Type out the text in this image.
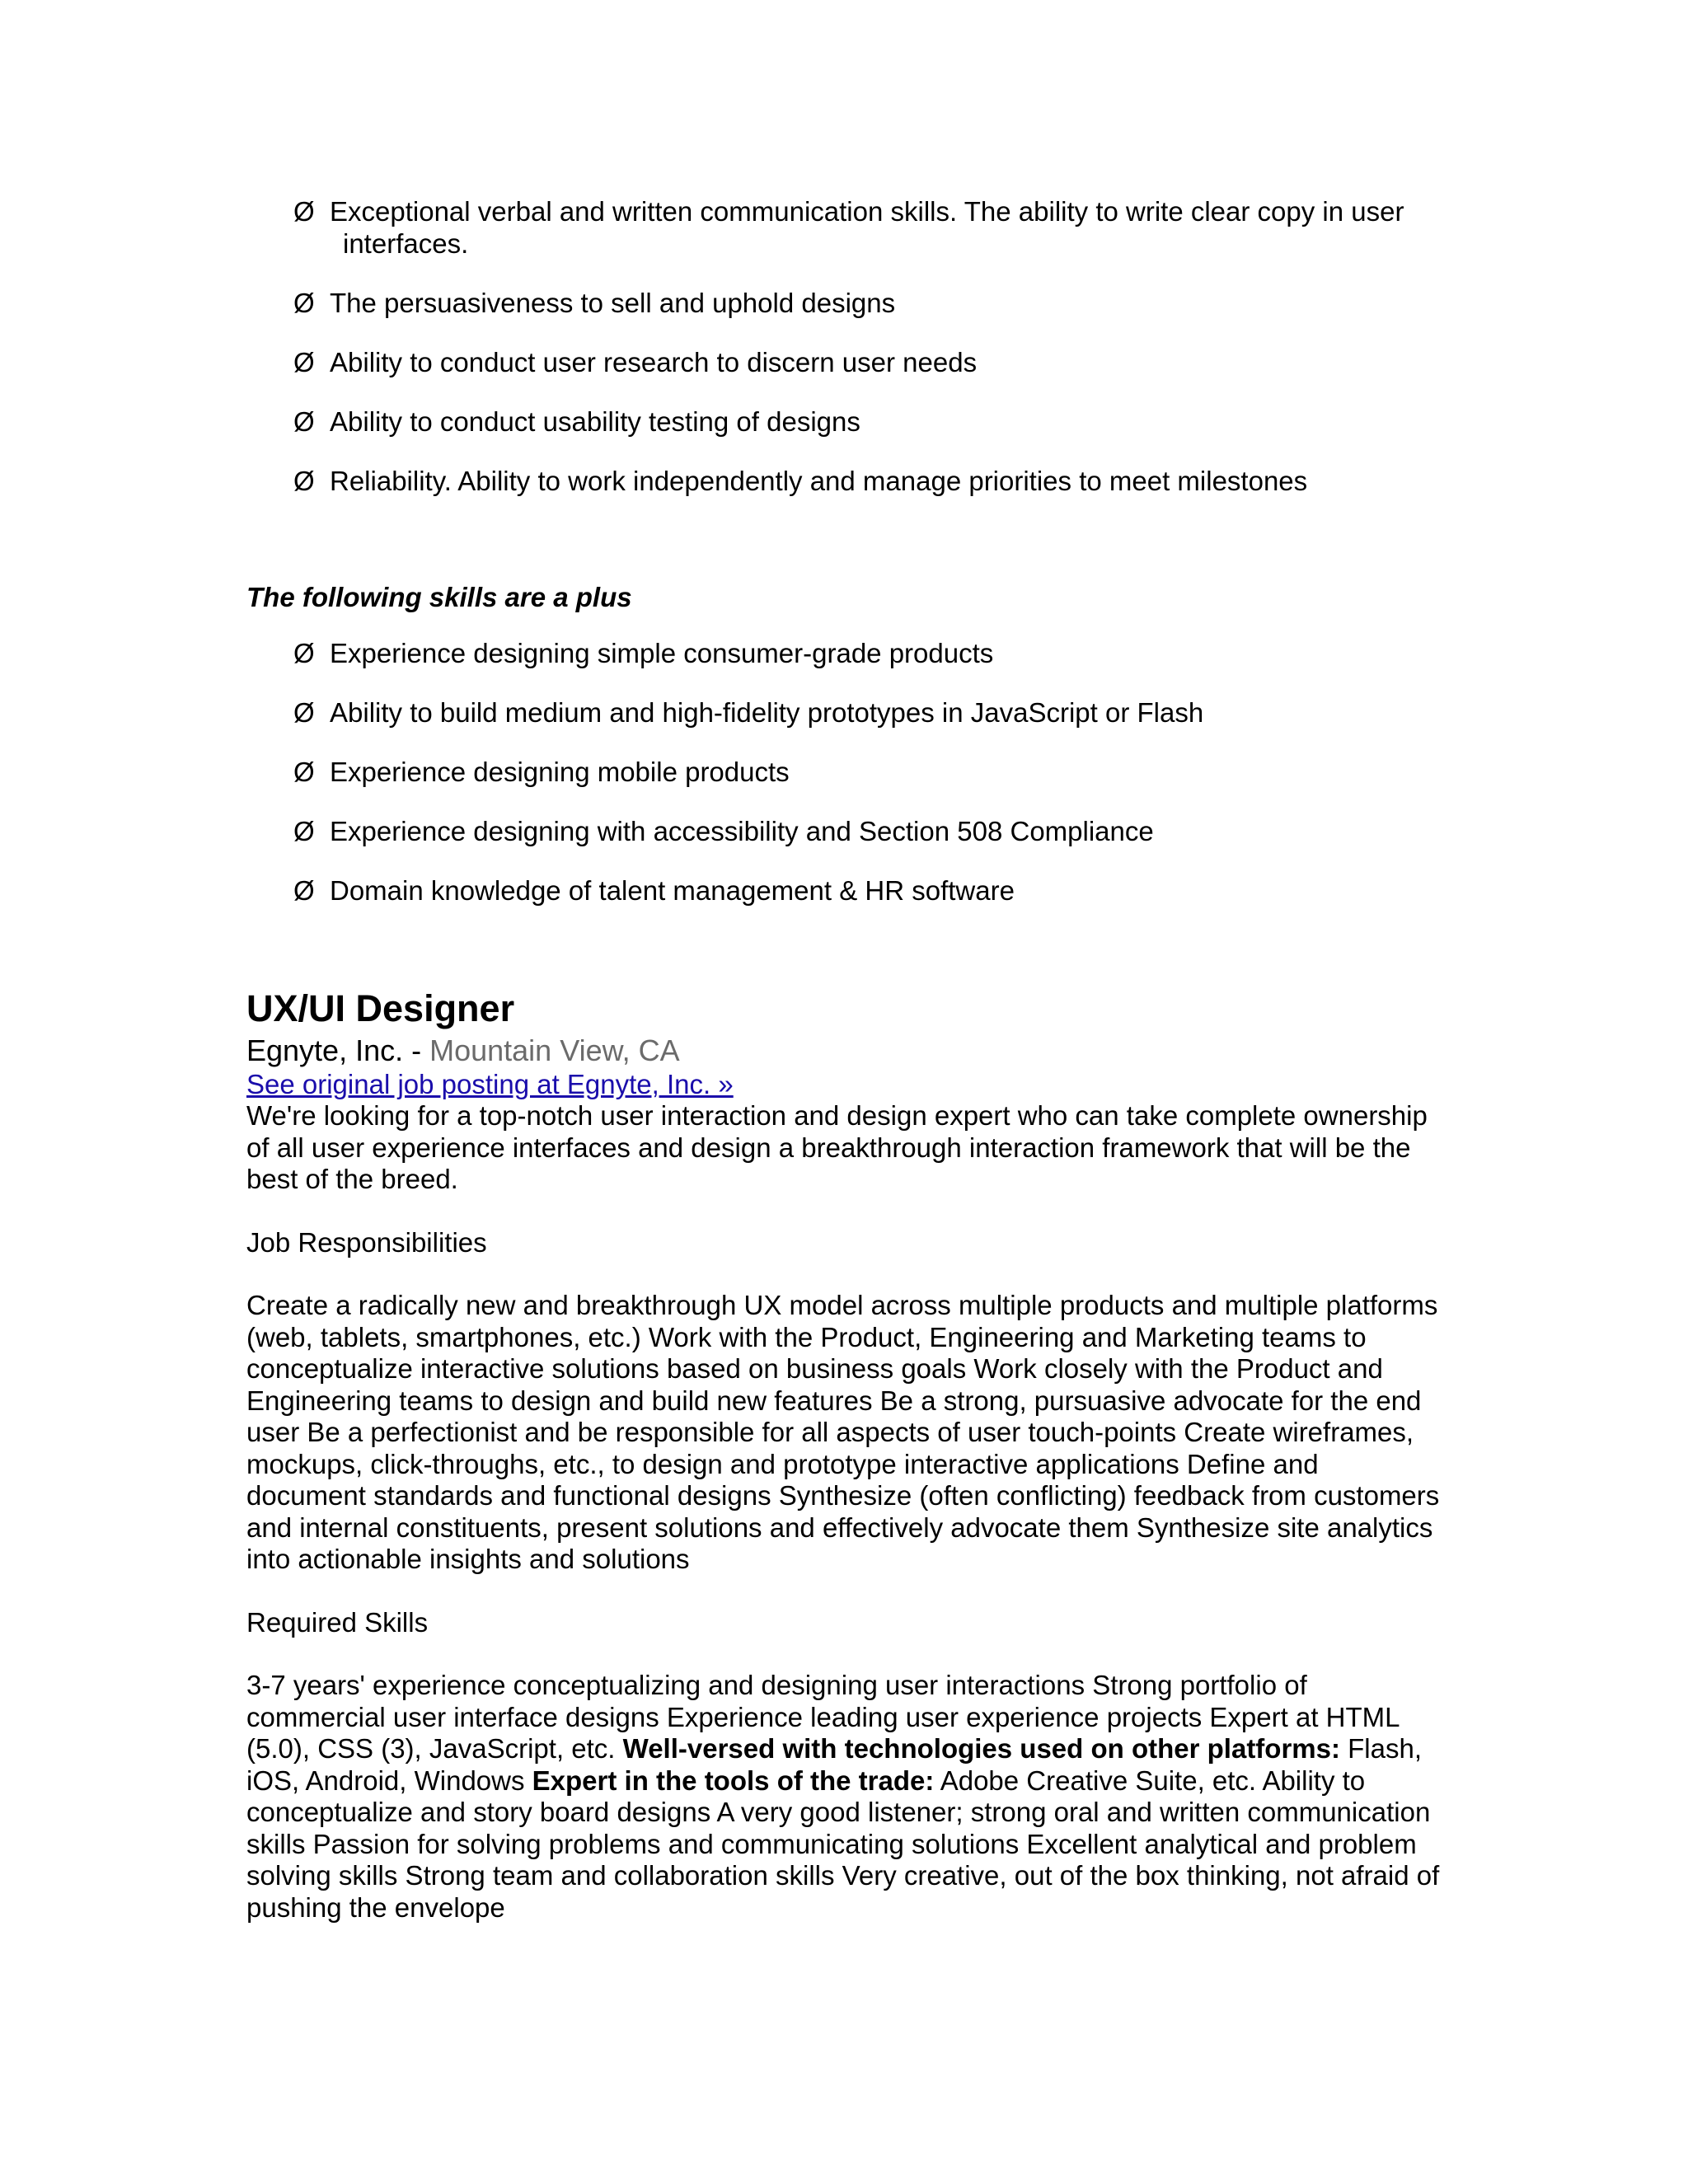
Ø Exceptional verbal and written communication skills. The ability to write clear copy in user
interfaces.
Ø The persuasiveness to sell and uphold designs
Ø Ability to conduct user research to discern user needs
Ø Ability to conduct usability testing of designs
Ø Reliability. Ability to work independently and manage priorities to meet milestones
The following skills are a plus
Ø Experience designing simple consumer-grade products
Ø Ability to build medium and high-fidelity prototypes in JavaScript or Flash
Ø Experience designing mobile products
Ø Experience designing with accessibility and Section 508 Compliance
Ø Domain knowledge of talent management & HR software
UX/UI Designer
Egnyte, Inc. - Mountain View, CA
See original job posting at Egnyte, Inc. »

We're looking for a top-notch user interaction and design expert who can take complete ownership of all user experience interfaces and design a breakthrough interaction framework that will be the best of the breed.

Job Responsibilities

Create a radically new and breakthrough UX model across multiple products and multiple platforms (web, tablets, smartphones, etc.) Work with the Product, Engineering and Marketing teams to conceptualize interactive solutions based on business goals Work closely with the Product and Engineering teams to design and build new features Be a strong, pursuasive advocate for the end user Be a perfectionist and be responsible for all aspects of user touch-points Create wireframes, mockups, click-throughs, etc., to design and prototype interactive applications Define and document standards and functional designs Synthesize (often conflicting) feedback from customers and internal constituents, present solutions and effectively advocate them Synthesize site analytics into actionable insights and solutions

Required Skills

3-7 years' experience conceptualizing and designing user interactions Strong portfolio of commercial user interface designs Experience leading user experience projects Expert at HTML (5.0), CSS (3), JavaScript, etc. Well-versed with technologies used on other platforms: Flash, iOS, Android, Windows Expert in the tools of the trade: Adobe Creative Suite, etc. Ability to conceptualize and story board designs A very good listener; strong oral and written communication skills Passion for solving problems and communicating solutions Excellent analytical and problem solving skills Strong team and collaboration skills Very creative, out of the box thinking, not afraid of pushing the envelope
